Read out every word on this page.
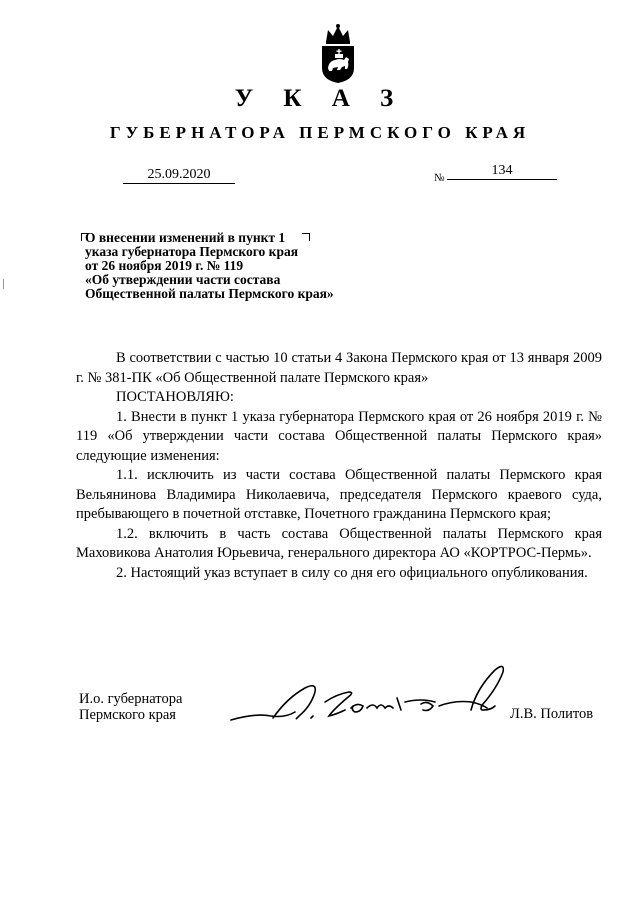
У К А З
ГУБЕРНАТОРА ПЕРМСКОГО КРАЯ
25.09.2020	№	134
О внесении изменений в пункт 1
указа губернатора Пермского края
от 26 ноября 2019 г. № 119
«Об утверждении части состава
Общественной палаты Пермского края»

В соответствии с частью 10 статьи 4 Закона Пермского края от 13 января 2009 г. № 381-ПК «Об Общественной палате Пермского края»

ПОСТАНОВЛЯЮ:

1. Внести в пункт 1 указа губернатора Пермского края от 26 ноября 2019 г. № 119 «Об утверждении части состава Общественной палаты Пермского края» следующие изменения:

1.1. исключить из части состава Общественной палаты Пермского края Вельянинова Владимира Николаевича, председателя Пермского краевого суда, пребывающего в почетной отставке, Почетного гражданина Пермского края;

1.2. включить в часть состава Общественной палаты Пермского края Маховикова Анатолия Юрьевича, генерального директора АО «КОРТРОС-Пермь».

2. Настоящий указ вступает в силу со дня его официального опубликования.

И.о. губернатора
Пермского края	Л.В. Политов
